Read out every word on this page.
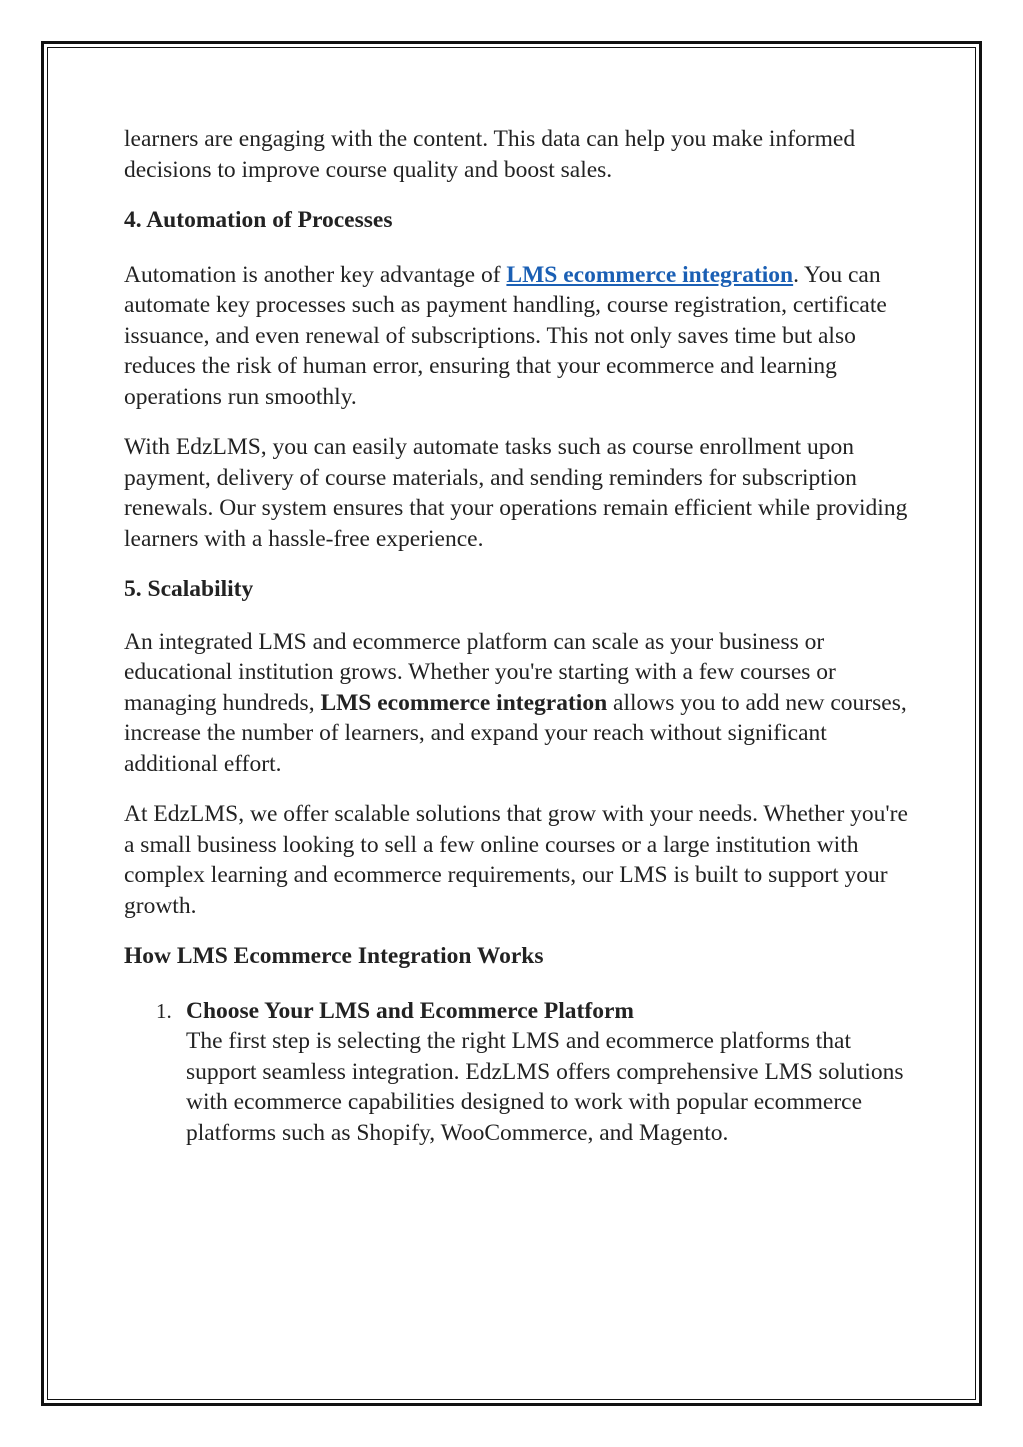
learners are engaging with the content. This data can help you make informed decisions to improve course quality and boost sales.

4. Automation of Processes

Automation is another key advantage of LMS ecommerce integration. You can automate key processes such as payment handling, course registration, certificate issuance, and even renewal of subscriptions. This not only saves time but also reduces the risk of human error, ensuring that your ecommerce and learning operations run smoothly.

With EdzLMS, you can easily automate tasks such as course enrollment upon payment, delivery of course materials, and sending reminders for subscription renewals. Our system ensures that your operations remain efficient while providing learners with a hassle-free experience.

5. Scalability

An integrated LMS and ecommerce platform can scale as your business or educational institution grows. Whether you're starting with a few courses or managing hundreds, LMS ecommerce integration allows you to add new courses, increase the number of learners, and expand your reach without significant additional effort.

At EdzLMS, we offer scalable solutions that grow with your needs. Whether you're a small business looking to sell a few online courses or a large institution with complex learning and ecommerce requirements, our LMS is built to support your growth.

How LMS Ecommerce Integration Works
1. Choose Your LMS and Ecommerce Platform
The first step is selecting the right LMS and ecommerce platforms that support seamless integration. EdzLMS offers comprehensive LMS solutions with ecommerce capabilities designed to work with popular ecommerce platforms such as Shopify, WooCommerce, and Magento.
